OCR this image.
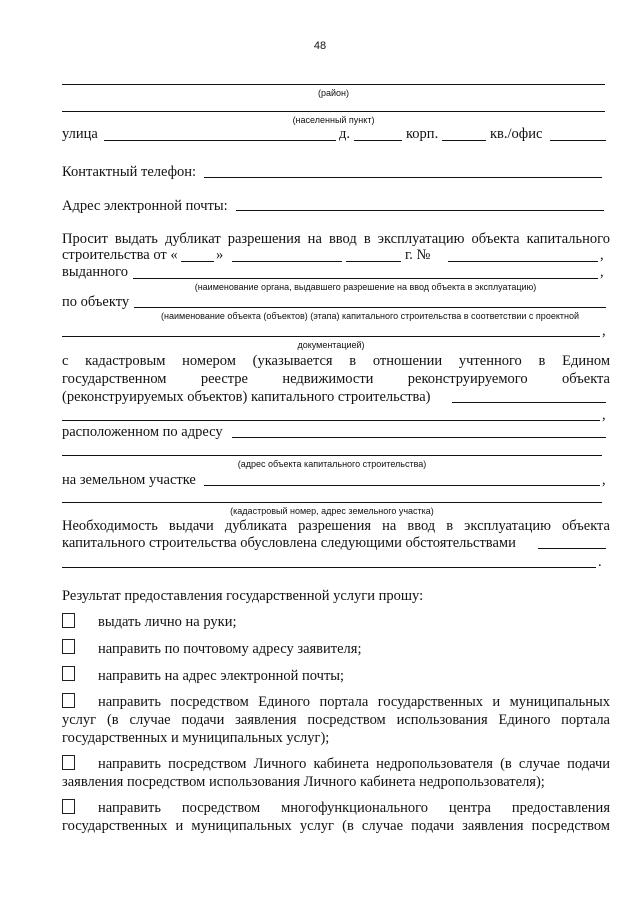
48
(район)
(населенный пункт)
улица	д.	корп.	кв./офис
Контактный телефон:
Адрес электронной почты:
Просит выдать дубликат разрешения на ввод в эксплуатацию объекта капитального
строительства от «	»	г. №	,
выданного	,
(наименование органа, выдавшего разрешение на ввод объекта в эксплуатацию)
по объекту
(наименование объекта (объектов) (этапа) капитального строительства в соответствии с проектной
,
документацией)
с кадастровым номером (указывается в отношении учтенного в Едином
государственном реестре недвижимости реконструируемого объекта
(реконструируемых объектов) капитального строительства)
,
расположенном по адресу
(адрес объекта капитального строительства)
на земельном участке	,
(кадастровый номер, адрес земельного участка)
Необходимость выдачи дубликата разрешения на ввод в эксплуатацию объекта
капитального строительства обусловлена следующими обстоятельствами
.
Результат предоставления государственной услуги прошу:
выдать лично на руки;
направить по почтовому адресу заявителя;
направить на адрес электронной почты;
направить посредством Единого портала государственных и муниципальных
услуг (в случае подачи заявления посредством использования Единого портала
государственных и муниципальных услуг);
направить посредством Личного кабинета недропользователя (в случае подачи
заявления посредством использования Личного кабинета недропользователя);
направить посредством многофункционального центра предоставления
государственных и муниципальных услуг (в случае подачи заявления посредством
